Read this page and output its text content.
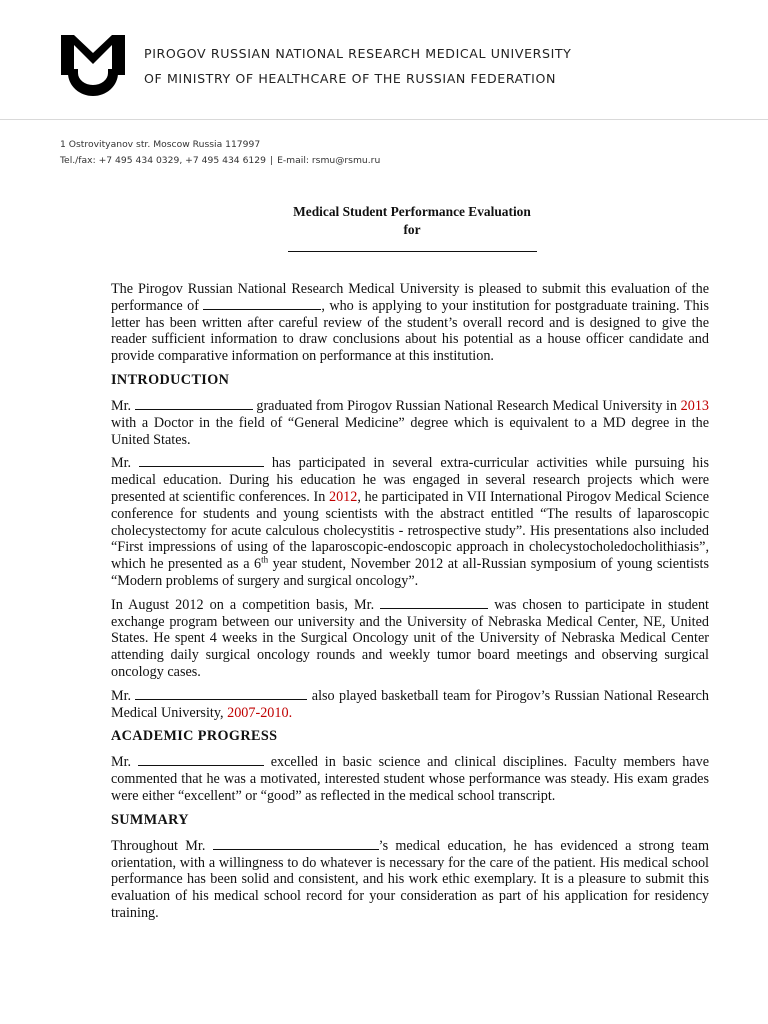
PIROGOV RUSSIAN NATIONAL RESEARCH MEDICAL UNIVERSITY
OF MINISTRY OF HEALTHCARE OF THE RUSSIAN FEDERATION
1 Ostrovityanov str. Moscow Russia 117997
Tel./fax: +7 495 434 0329, +7 495 434 6129 | E-mail: rsmu@rsmu.ru
Medical Student Performance Evaluation
for

The Pirogov Russian National Research Medical University is pleased to submit this evaluation of the performance of	, who is applying to your institution for postgraduate training. This letter has been written after careful review of the student’s overall record and is designed to give the reader sufficient information to draw conclusions about his potential as a house officer candidate and provide comparative information on performance at this institution.

INTRODUCTION

Mr.	graduated from Pirogov Russian National Research Medical University in 2013 with a Doctor in the field of “General Medicine” degree which is equivalent to a MD degree in the United States.

Mr.	has participated in several extra-curricular activities while pursuing his medical education. During his education he was engaged in several research projects which were presented at scientific conferences. In 2012, he participated in VII International Pirogov Medical Science conference for students and young scientists with the abstract entitled “The results of laparoscopic cholecystectomy for acute calculous cholecystitis - retrospective study”. His presentations also included “First impressions of using of the laparoscopic-endoscopic approach in cholecystocholedocholithiasis”, which he presented as a 6th year student, November 2012 at all-Russian symposium of young scientists “Modern problems of surgery and surgical oncology”.

In August 2012 on a competition basis, Mr.	was chosen to participate in student exchange program between our university and the University of Nebraska Medical Center, NE, United States. He spent 4 weeks in the Surgical Oncology unit of the University of Nebraska Medical Center attending daily surgical oncology rounds and weekly tumor board meetings and observing surgical oncology cases.

Mr.	also played basketball team for Pirogov’s Russian National Research Medical University, 2007-2010.

ACADEMIC PROGRESS

Mr.	excelled in basic science and clinical disciplines. Faculty members have commented that he was a motivated, interested student whose performance was steady. His exam grades were either “excellent” or “good” as reflected in the medical school transcript.

SUMMARY

Throughout Mr.	’s medical education, he has evidenced a strong team orientation, with a willingness to do whatever is necessary for the care of the patient. His medical school performance has been solid and consistent, and his work ethic exemplary. It is a pleasure to submit this evaluation of his medical school record for your consideration as part of his application for residency training.
